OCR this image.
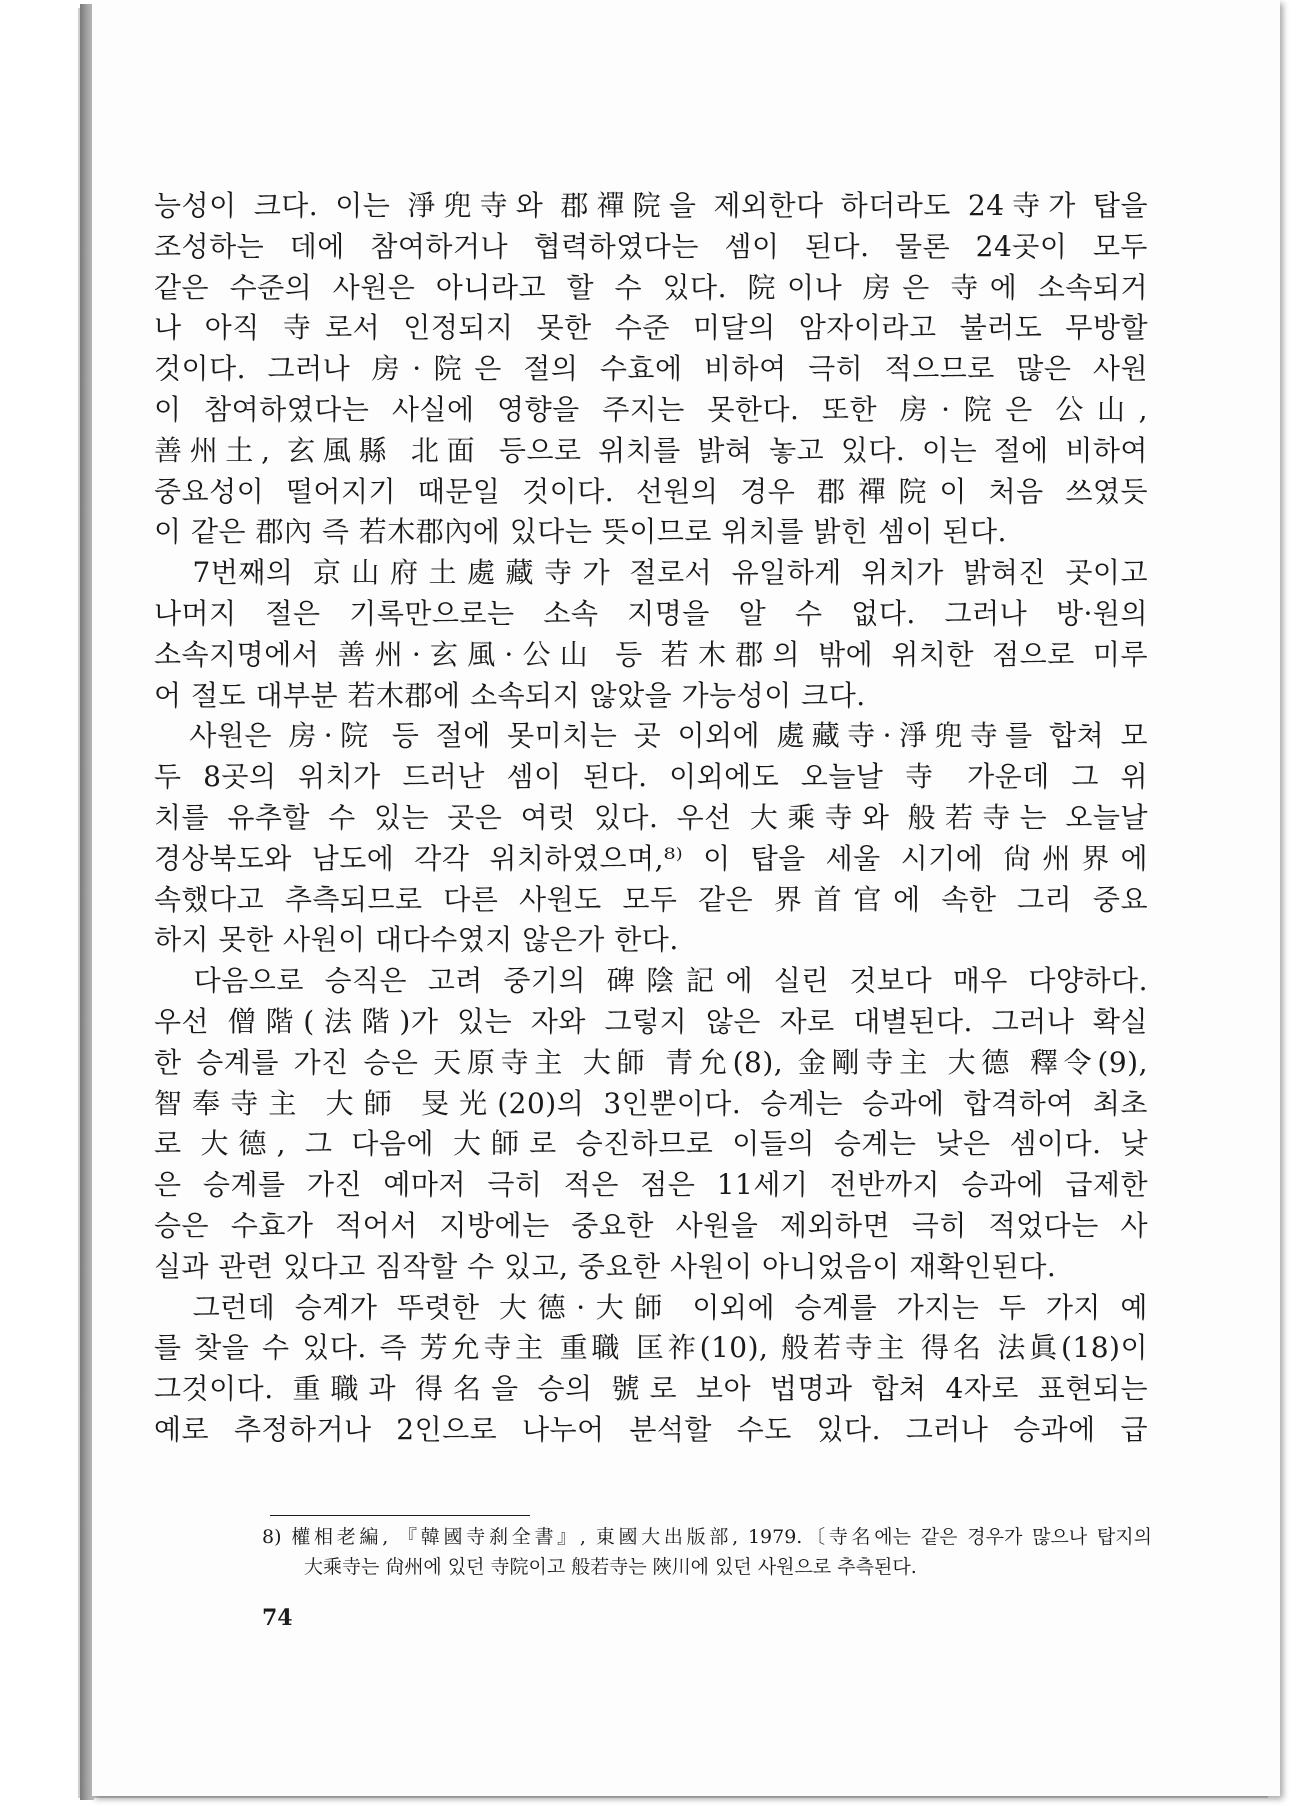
능성이 크다. 이는 淨兜寺와 郡禪院을 제외한다 하더라도 24寺가 탑을
조성하는 데에 참여하거나 협력하였다는 셈이 된다. 물론 24곳이 모두
같은 수준의 사원은 아니라고 할 수 있다. 院이나 房은 寺에 소속되거
나 아직 寺로서 인정되지 못한 수준 미달의 암자이라고 불러도 무방할
것이다. 그러나 房·院은 절의 수효에 비하여 극히 적으므로 많은 사원
이 참여하였다는 사실에 영향을 주지는 못한다. 또한 房·院은 公山,
善州土, 玄風縣 北面 등으로 위치를 밝혀 놓고 있다. 이는 절에 비하여
중요성이 떨어지기 때문일 것이다. 선원의 경우 郡禪院이 처음 쓰였듯
이 같은 郡內 즉 若木郡內에 있다는 뜻이므로 위치를 밝힌 셈이 된다.
　7번째의 京山府土處藏寺가 절로서 유일하게 위치가 밝혀진 곳이고
나머지 절은 기록만으로는 소속 지명을 알 수 없다. 그러나 방·원의
소속지명에서 善州·玄風·公山 등 若木郡의 밖에 위치한 점으로 미루
어 절도 대부분 若木郡에 소속되지 않았을 가능성이 크다.
　사원은 房·院 등 절에 못미치는 곳 이외에 處藏寺·淨兜寺를 합쳐 모
두 8곳의 위치가 드러난 셈이 된다. 이외에도 오늘날 寺 가운데 그 위
치를 유추할 수 있는 곳은 여럿 있다. 우선 大乘寺와 般若寺는 오늘날
경상북도와 남도에 각각 위치하였으며,⁸⁾ 이 탑을 세울 시기에 尙州界에
속했다고 추측되므로 다른 사원도 모두 같은 界首官에 속한 그리 중요
하지 못한 사원이 대다수였지 않은가 한다.
　다음으로 승직은 고려 중기의 碑陰記에 실린 것보다 매우 다양하다.
우선 僧階(法階)가 있는 자와 그렇지 않은 자로 대별된다. 그러나 확실
한 승계를 가진 승은 天原寺主 大師 青允(8), 金剛寺主 大德 釋令(9),
智奉寺主 大師 旻光(20)의 3인뿐이다. 승계는 승과에 합격하여 최초
로 大德, 그 다음에 大師로 승진하므로 이들의 승계는 낮은 셈이다. 낮
은 승계를 가진 예마저 극히 적은 점은 11세기 전반까지 승과에 급제한
승은 수효가 적어서 지방에는 중요한 사원을 제외하면 극히 적었다는 사
실과 관련 있다고 짐작할 수 있고, 중요한 사원이 아니었음이 재확인된다.
　그런데 승계가 뚜렷한 大德·大師 이외에 승계를 가지는 두 가지 예
를 찾을 수 있다. 즉 芳允寺主 重職 匡祚(10), 般若寺主 得名 法眞(18)이
그것이다. 重職과 得名을 승의 號로 보아 법명과 합쳐 4자로 표현되는
예로 추정하거나 2인으로 나누어 분석할 수도 있다. 그러나 승과에 급
8) 權相老編, 『韓國寺刹全書』, 東國大出版部, 1979.〔寺名에는 같은 경우가 많으나 탑지의
大乘寺는 尙州에 있던 寺院이고 般若寺는 陜川에 있던 사원으로 추측된다.
74
